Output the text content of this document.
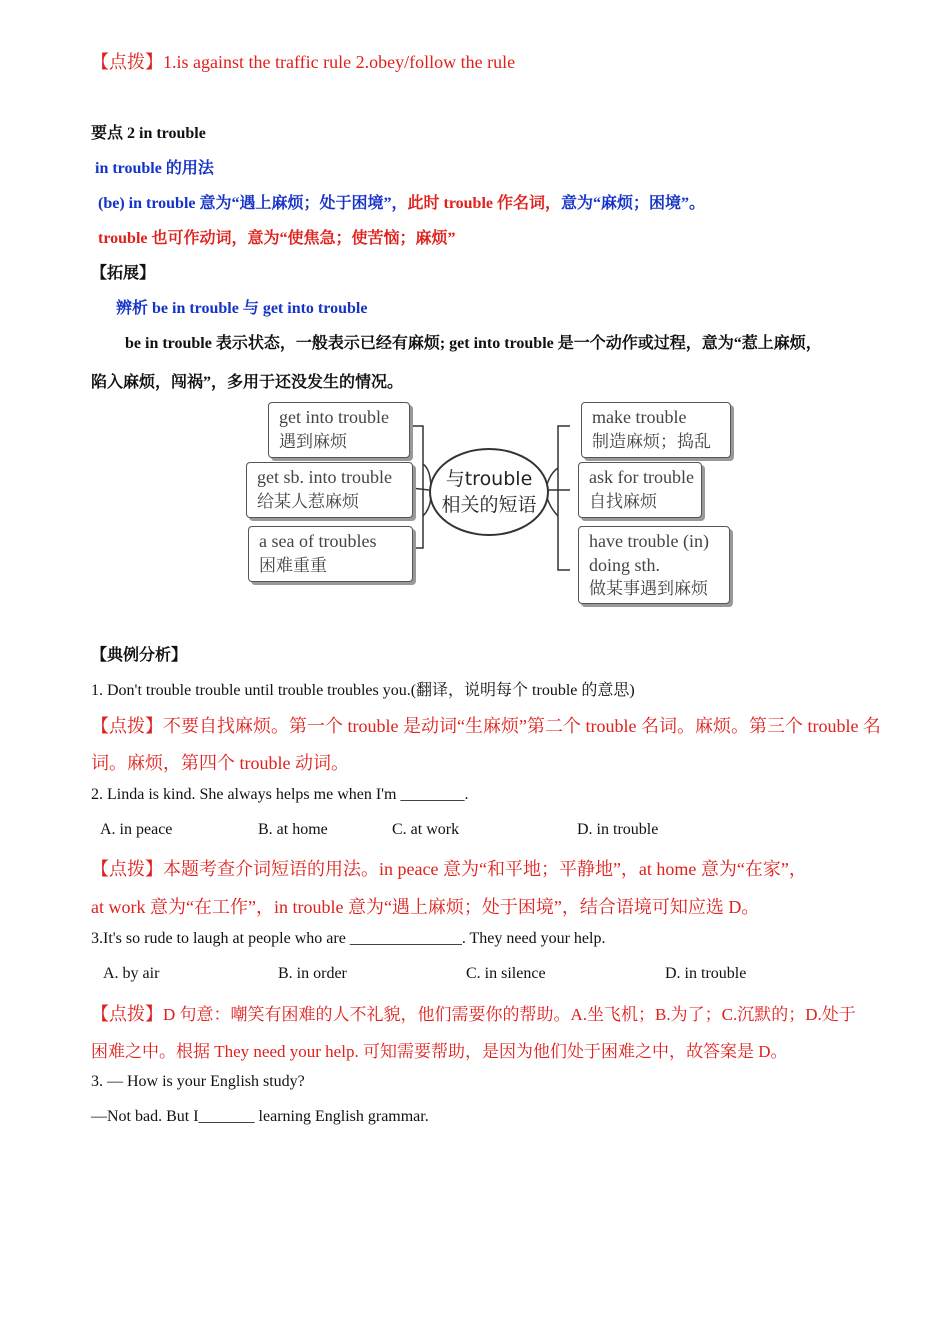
【点拨】1.is against the traffic rule 2.obey/follow the rule
要点 2 in trouble
in trouble 的用法
(be) in trouble 意为“遇上麻烦；处于困境”，此时 trouble 作名词，意为“麻烦；困境”。
trouble 也可作动词，意为“使焦急；使苦恼；麻烦”
【拓展】
辨析 be in trouble 与 get into trouble
be in trouble 表示状态，一般表示已经有麻烦; get into trouble 是一个动作或过程，意为“惹上麻烦，
陷入麻烦，闯祸”，多用于还没发生的情况。
get into trouble
遇到麻烦
get sb. into trouble
给某人惹麻烦
a sea of troubles
困难重重
与trouble
相关的短语
make trouble
制造麻烦；捣乱
ask for trouble
自找麻烦
have trouble (in)
doing sth.
做某事遇到麻烦
【典例分析】
1. Don't trouble trouble until trouble troubles you.(翻译，说明每个 trouble 的意思)
【点拨】不要自找麻烦。第一个 trouble 是动词“生麻烦”第二个 trouble 名词。麻烦。第三个 trouble 名
词。麻烦，第四个 trouble 动词。
2. Linda is kind. She always helps me when I'm ________.
A. in peace	B. at home	C. at work	D. in trouble
【点拨】本题考查介词短语的用法。in peace 意为“和平地；平静地”，at home 意为“在家”，
at work 意为“在工作”，in trouble 意为“遇上麻烦；处于困境”，结合语境可知应选 D。
3.It's so rude to laugh at people who are ______________. They need your help.
A. by air	B. in order	C. in silence	D. in trouble
【点拨】D 句意：嘲笑有困难的人不礼貌，他们需要你的帮助。A.坐飞机；B.为了；C.沉默的；D.处于
困难之中。根据 They need your help. 可知需要帮助，是因为他们处于困难之中，故答案是 D。
3. — How is your English study?
—Not bad. But I_______ learning English grammar.
